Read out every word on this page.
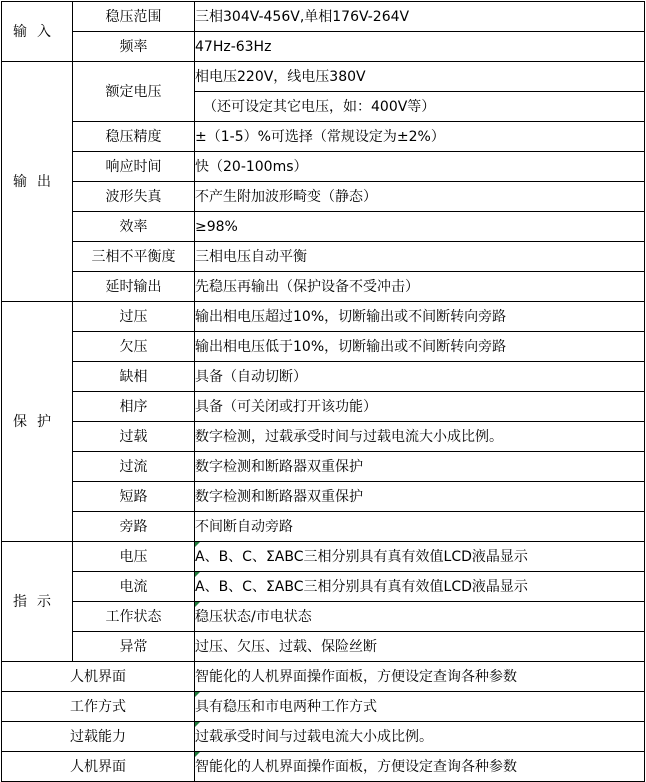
输入	稳压范围	三相304V-456V,单相176V-264V
	频率	47Hz-63Hz
输出	额定电压	相电压220V，线电压380V
		（还可设定其它电压，如：400V等）
	稳压精度	±（1-5）%可选择（常规设定为±2%）
	响应时间	快（20-100ms）
	波形失真	不产生附加波形畸变（静态）
	效率	≥98%
	三相不平衡度	三相电压自动平衡
	延时输出	先稳压再输出（保护设备不受冲击）
保护	过压	输出相电压超过10%，切断输出或不间断转向旁路
	欠压	输出相电压低于10%，切断输出或不间断转向旁路
	缺相	具备（自动切断）
	相序	具备（可关闭或打开该功能）
	过载	数字检测，过载承受时间与过载电流大小成比例。
	过流	数字检测和断路器双重保护
	短路	数字检测和断路器双重保护
	旁路	不间断自动旁路
指示	电压	A、B、C、ΣABC三相分别具有真有效值LCD液晶显示
	电流	A、B、C、ΣABC三相分别具有真有效值LCD液晶显示
	工作状态	稳压状态/市电状态
	异常	过压、欠压、过载、保险丝断
人机界面		智能化的人机界面操作面板，方便设定查询各种参数
工作方式		具有稳压和市电两种工作方式
过载能力		过载承受时间与过载电流大小成比例。
人机界面		智能化的人机界面操作面板，方便设定查询各种参数
